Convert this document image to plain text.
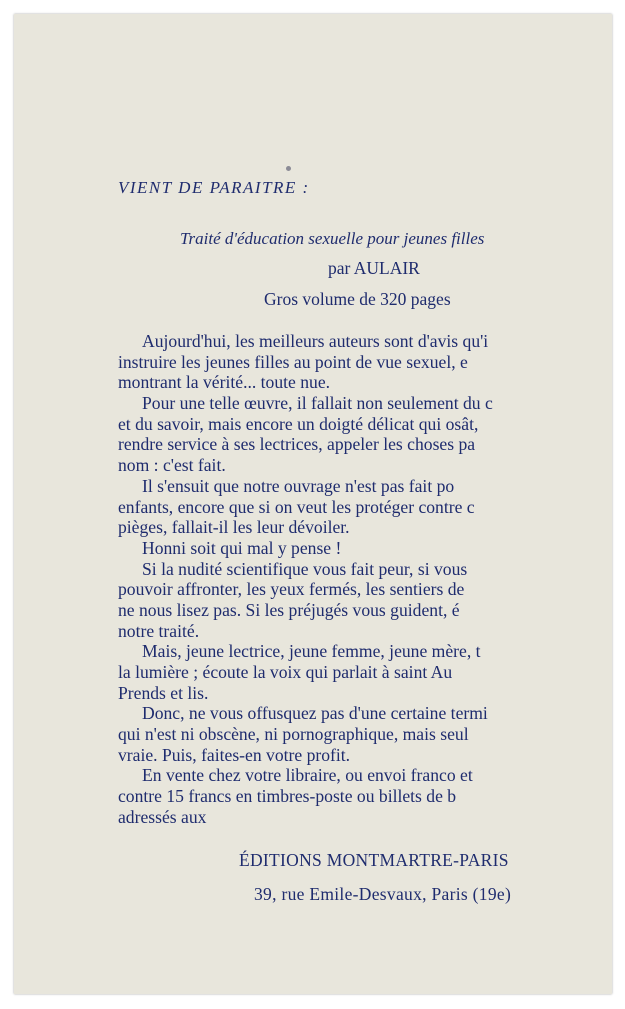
VIENT DE PARAITRE :
Traité d'éducation sexuelle pour jeunes filles
par AULAIR
Gros volume de 320 pages
Aujourd'hui, les meilleurs auteurs sont d'avis qu'i
instruire les jeunes filles au point de vue sexuel, e
montrant la vérité... toute nue.
Pour une telle œuvre, il fallait non seulement du c
et du savoir, mais encore un doigté délicat qui osât,
rendre service à ses lectrices, appeler les choses pa
nom : c'est fait.
Il s'ensuit que notre ouvrage n'est pas fait po
enfants, encore que si on veut les protéger contre c
pièges, fallait-il les leur dévoiler.
Honni soit qui mal y pense !
Si la nudité scientifique vous fait peur, si vous
pouvoir affronter, les yeux fermés, les sentiers de
ne nous lisez pas. Si les préjugés vous guident, é
notre traité.
Mais, jeune lectrice, jeune femme, jeune mère, t
la lumière ; écoute la voix qui parlait à saint Au
Prends et lis.
Donc, ne vous offusquez pas d'une certaine termi
qui n'est ni obscène, ni pornographique, mais seul
vraie. Puis, faites-en votre profit.
En vente chez votre libraire, ou envoi franco et
contre 15 francs en timbres-poste ou billets de b
adressés aux
ÉDITIONS MONTMARTRE-PARIS
39, rue Emile-Desvaux, Paris (19e)
